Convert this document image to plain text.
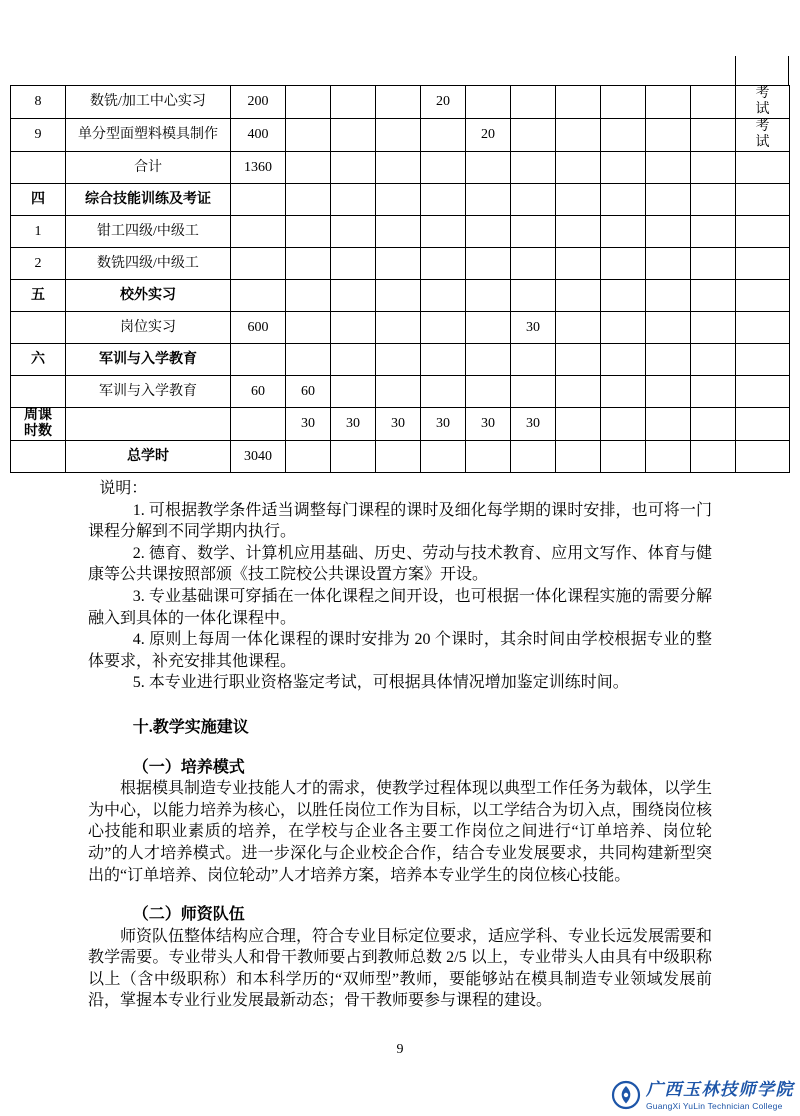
8	数铣/加工中心实习	200				20							考试
9	单分型面塑料模具制作	400					20						考试
	合计	1360											
四	综合技能训练及考证												
1	钳工四级/中级工												
2	数铣四级/中级工												
五	校外实习												
	岗位实习	600						30					
六	军训与入学教育												
	军训与入学教育	60	60										
周课时数			30	30	30	30	30	30					
	总学时	3040											

说明：

1. 可根据教学条件适当调整每门课程的课时及细化每学期的课时安排，也可将一门课程分解到不同学期内执行。

2. 德育、数学、计算机应用基础、历史、劳动与技术教育、应用文写作、体育与健康等公共课按照部颁《技工院校公共课设置方案》开设。

3. 专业基础课可穿插在一体化课程之间开设，也可根据一体化课程实施的需要分解融入到具体的一体化课程中。

4. 原则上每周一体化课程的课时安排为 20 个课时，其余时间由学校根据专业的整体要求，补充安排其他课程。

5. 本专业进行职业资格鉴定考试，可根据具体情况增加鉴定训练时间。

十.教学实施建议

（一）培养模式

根据模具制造专业技能人才的需求，使教学过程体现以典型工作任务为载体，以学生为中心，以能力培养为核心，以胜任岗位工作为目标，以工学结合为切入点，围绕岗位核心技能和职业素质的培养，在学校与企业各主要工作岗位之间进行“订单培养、岗位轮动”的人才培养模式。进一步深化与企业校企合作，结合专业发展要求，共同构建新型突出的“订单培养、岗位轮动”人才培养方案，培养本专业学生的岗位核心技能。

（二）师资队伍

师资队伍整体结构应合理，符合专业目标定位要求，适应学科、专业长远发展需要和教学需要。专业带头人和骨干教师要占到教师总数 2/5 以上，专业带头人由具有中级职称以上（含中级职称）和本科学历的“双师型”教师，要能够站在模具制造专业领域发展前沿，掌握本专业行业发展最新动态；骨干教师要参与课程的建设。

9
广西玉林技师学院
GuangXi YuLin Technician College
